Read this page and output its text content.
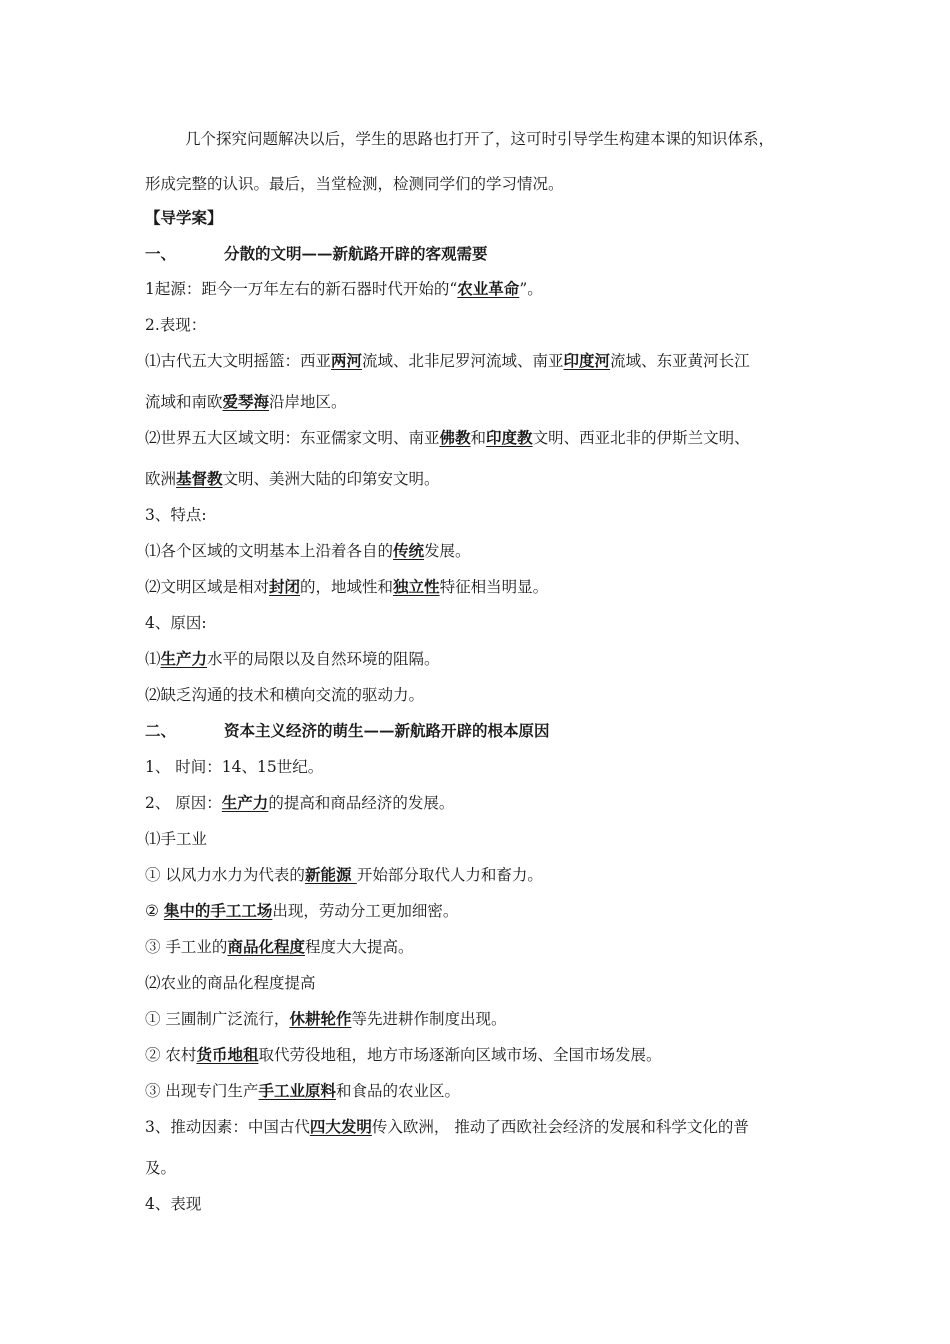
几个探究问题解决以后，学生的思路也打开了，这可时引导学生构建本课的知识体系，
形成完整的认识。最后，当堂检测，检测同学们的学习情况。
【导学案】
一、	分散的文明——新航路开辟的客观需要
1起源：距今一万年左右的新石器时代开始的“农业革命”。
2.表现：
⑴古代五大文明摇篮：西亚两河流域、北非尼罗河流域、南亚印度河流域、东亚黄河长江
流域和南欧爱琴海沿岸地区。
⑵世界五大区域文明：东亚儒家文明、南亚佛教和印度教文明、西亚北非的伊斯兰文明、
欧洲基督教文明、美洲大陆的印第安文明。
3、特点:
⑴各个区域的文明基本上沿着各自的传统发展。
⑵文明区域是相对封闭的，地域性和独立性特征相当明显。
4、原因:
⑴生产力水平的局限以及自然环境的阻隔。
⑵缺乏沟通的技术和横向交流的驱动力。
二、	资本主义经济的萌生——新航路开辟的根本原因
1、 时间：14、15世纪。
2、 原因：生产力的提高和商品经济的发展。
⑴手工业
① 以风力水力为代表的新能源 开始部分取代人力和畜力。
② 集中的手工工场出现，劳动分工更加细密。
③ 手工业的商品化程度程度大大提高。
⑵农业的商品化程度提高
① 三圃制广泛流行，休耕轮作等先进耕作制度出现。
② 农村货币地租取代劳役地租，地方市场逐渐向区域市场、全国市场发展。
③ 出现专门生产手工业原料和食品的农业区。
3、推动因素：中国古代四大发明传入欧洲， 推动了西欧社会经济的发展和科学文化的普
及。
4、表现
